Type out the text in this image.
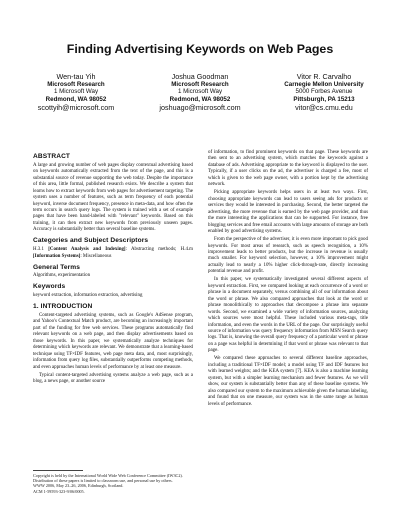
Finding Advertising Keywords on Web Pages
Wen-tau Yih
Microsoft Research
1 Microsoft Way
Redmond, WA 98052
scottyih@microsoft.com
Joshua Goodman
Microsoft Research
1 Microsoft Way
Redmond, WA 98052
joshuago@microsoft.com
Vitor R. Carvalho
Carnegie Mellon University
5000 Forbes Avenue
Pittsburgh, PA 15213
vitor@cs.cmu.edu
ABSTRACT

A large and growing number of web pages display contextual advertising based on keywords automatically extracted from the text of the page, and this is a substantial source of revenue supporting the web today. Despite the importance of this area, little formal, published research exists. We describe a system that learns how to extract keywords from web pages for advertisement targeting. The system uses a number of features, such as term frequency of each potential keyword, inverse document frequency, presence in meta-data, and how often the term occurs in search query logs. The system is trained with a set of example pages that have been hand-labeled with "relevant" keywords. Based on this training, it can then extract new keywords from previously unseen pages. Accuracy is substantially better than several baseline systems.

Categories and Subject Descriptors

H.3.1 [Content Analysis and Indexing]: Abstracting methods; H.4.m [Information Systems]: Miscellaneous

General Terms

Algorithms, experimentation

Keywords

keyword extraction, information extraction, advertising

1. INTRODUCTION

Content-targeted advertising systems, such as Google's AdSense program, and Yahoo's Contextual Match product, are becoming an increasingly important part of the funding for free web services. These programs automatically find relevant keywords on a web page, and then display advertisements based on those keywords. In this paper, we systematically analyze techniques for determining which keywords are relevant. We demonstrate that a learning-based technique using TF×IDF features, web page meta data, and, most surprisingly, information from query log files, substantially outperforms competing methods, and even approaches human levels of performance by at least one measure.

Typical content-targeted advertising systems analyze a web page, such as a blog, a news page, or another source

Copyright is held by the International World Wide Web Conference Committee (IW3C2). Distribution of these papers is limited to classroom use, and personal use by others.
WWW 2006, May 23–26, 2006, Edinburgh, Scotland.
ACM 1-59593-323-9/06/0005.

of information, to find prominent keywords on that page. These keywords are then sent to an advertising system, which matches the keywords against a database of ads. Advertising appropriate to the keyword is displayed to the user. Typically, if a user clicks on the ad, the advertiser is charged a fee, most of which is given to the web page owner, with a portion kept by the advertising network.

Picking appropriate keywords helps users in at least two ways. First, choosing appropriate keywords can lead to users seeing ads for products or services they would be interested in purchasing. Second, the better targeted the advertising, the more revenue that is earned by the web page provider, and thus the more interesting the applications that can be supported. For instance, free blogging services and free email accounts with large amounts of storage are both enabled by good advertising systems.

From the perspective of the advertiser, it is even more important to pick good keywords. For most areas of research, such as speech recognition, a 10% improvement leads to better products, but the increase in revenue is usually much smaller. For keyword selection, however, a 10% improvement might actually lead to nearly a 10% higher click-through-rate, directly increasing potential revenue and profit.

In this paper, we systematically investigated several different aspects of keyword extraction. First, we compared looking at each occurrence of a word or phrase in a document separately, versus combining all of our information about the word or phrase. We also compared approaches that look at the word or phrase monolithically to approaches that decompose a phrase into separate words. Second, we examined a wide variety of information sources, analyzing which sources were most helpful. These included various meta-tags, title information, and even the words in the URL of the page. Our surprisingly useful source of information was query frequency information from MSN Search query logs. That is, knowing the overall query frequency of a particular word or phrase on a page was helpful in determining if that word or phrase was relevant to that page.

We compared these approaches to several different baseline approaches, including a traditional TF×IDF model; a model using TF and IDF features but with learned weights; and the KEA system [7]. KEA is also a machine learning system, but with a simpler learning mechanism and fewer features. As we will show, our system is substantially better than any of these baseline systems. We also compared our system to the maximum achievable given the human labeling, and found that on one measure, our system was in the same range as human levels of performance.
